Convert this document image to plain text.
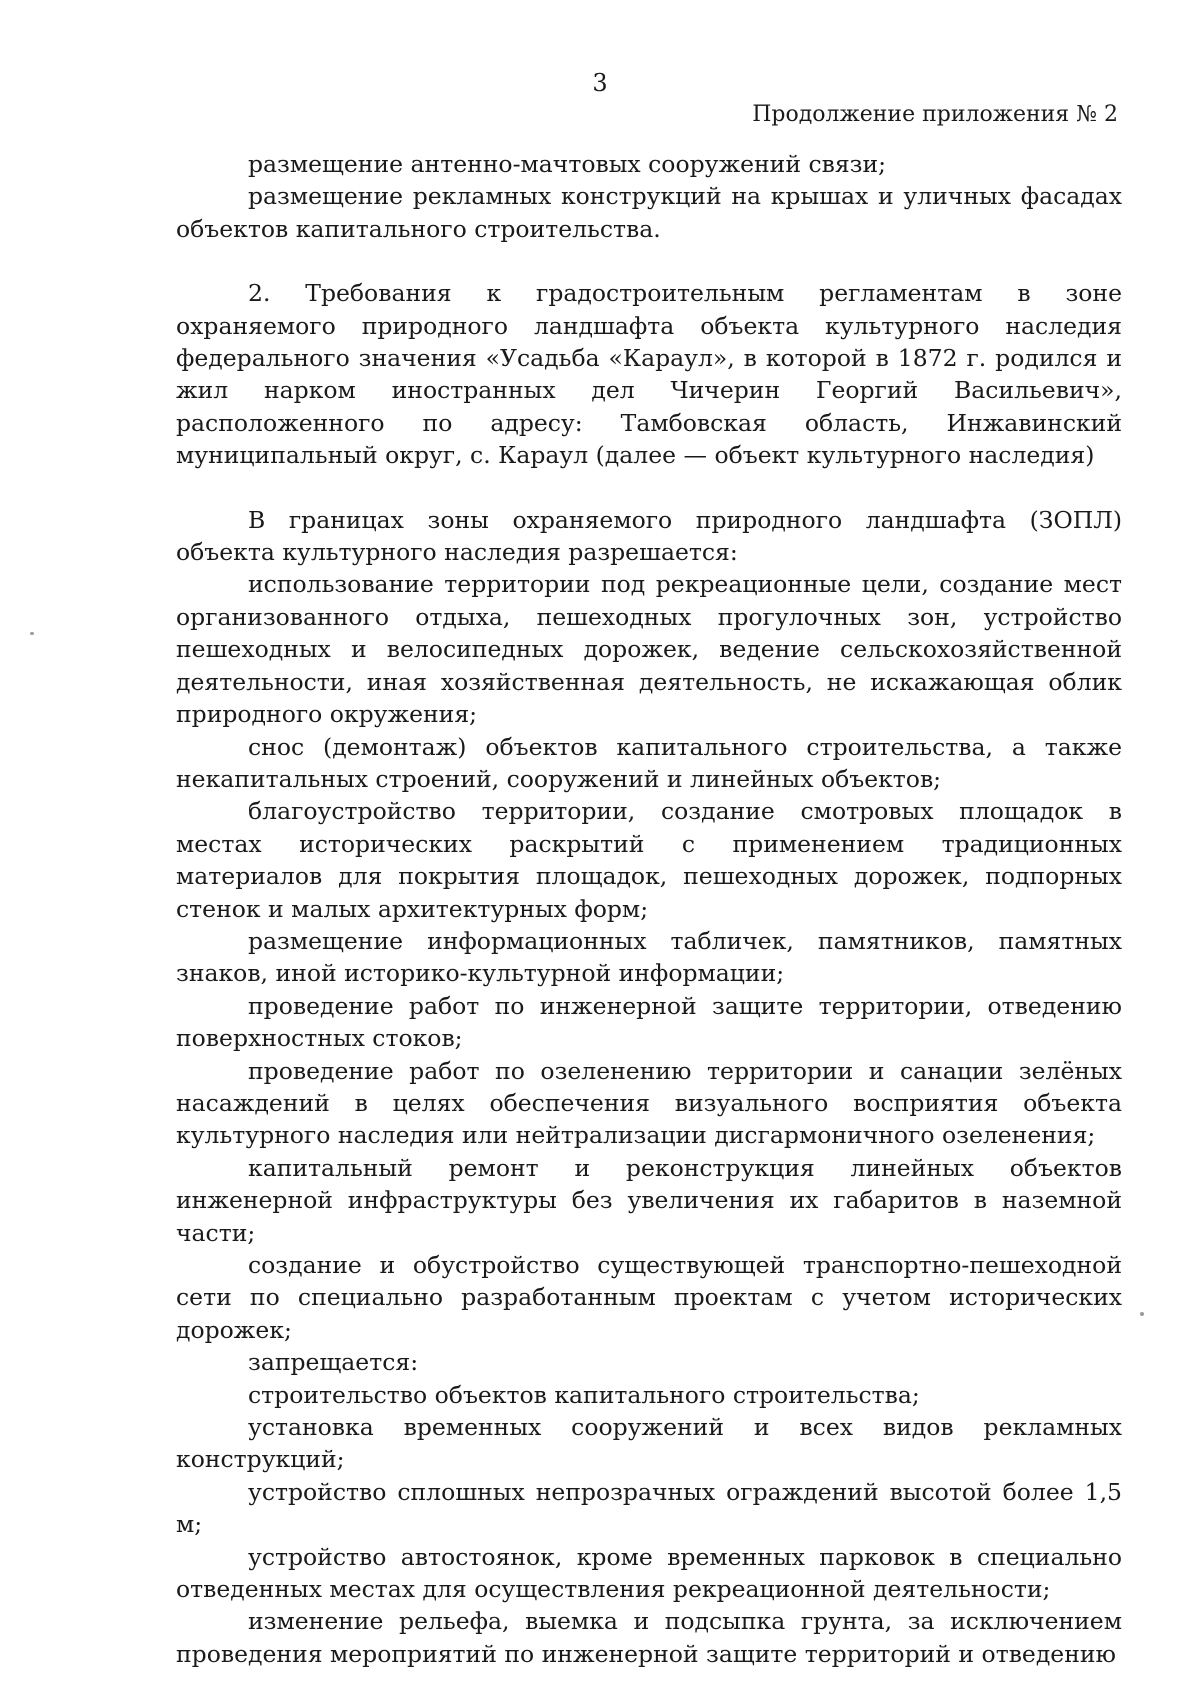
3
Продолжение приложения № 2

размещение антенно-мачтовых сооружений связи;

размещение рекламных конструкций на крышах и уличных фасадах объектов капитального строительства.

2. Требования к градостроительным регламентам в зоне охраняемого природного ландшафта объекта культурного наследия федерального значения «Усадьба «Караул», в которой в 1872 г. родился и жил нарком иностранных дел Чичерин Георгий Васильевич», расположенного по адресу: Тамбовская область, Инжавинский муниципальный округ, с. Караул (далее — объект культурного наследия)

В границах зоны охраняемого природного ландшафта (ЗОПЛ) объекта культурного наследия разрешается:

использование территории под рекреационные цели, создание мест организованного отдыха, пешеходных прогулочных зон, устройство пешеходных и велосипедных дорожек, ведение сельскохозяйственной деятельности, иная хозяйственная деятельность, не искажающая облик природного окружения;

снос (демонтаж) объектов капитального строительства, а также некапитальных строений, сооружений и линейных объектов;

благоустройство территории, создание смотровых площадок в местах исторических раскрытий с применением традиционных материалов для покрытия площадок, пешеходных дорожек, подпорных стенок и малых архитектурных форм;

размещение информационных табличек, памятников, памятных знаков, иной историко-культурной информации;

проведение работ по инженерной защите территории, отведению поверхностных стоков;

проведение работ по озеленению территории и санации зелёных насаждений в целях обеспечения визуального восприятия объекта культурного наследия или нейтрализации дисгармоничного озеленения;

капитальный ремонт и реконструкция линейных объектов инженерной инфраструктуры без увеличения их габаритов в наземной части;

создание и обустройство существующей транспортно-пешеходной сети по специально разработанным проектам с учетом исторических дорожек;

запрещается:

строительство объектов капитального строительства;

установка временных сооружений и всех видов рекламных конструкций;

устройство сплошных непрозрачных ограждений высотой более 1,5 м;

устройство автостоянок, кроме временных парковок в специально отведенных местах для осуществления рекреационной деятельности;

изменение рельефа, выемка и подсыпка грунта, за исключением проведения мероприятий по инженерной защите территорий и отведению
